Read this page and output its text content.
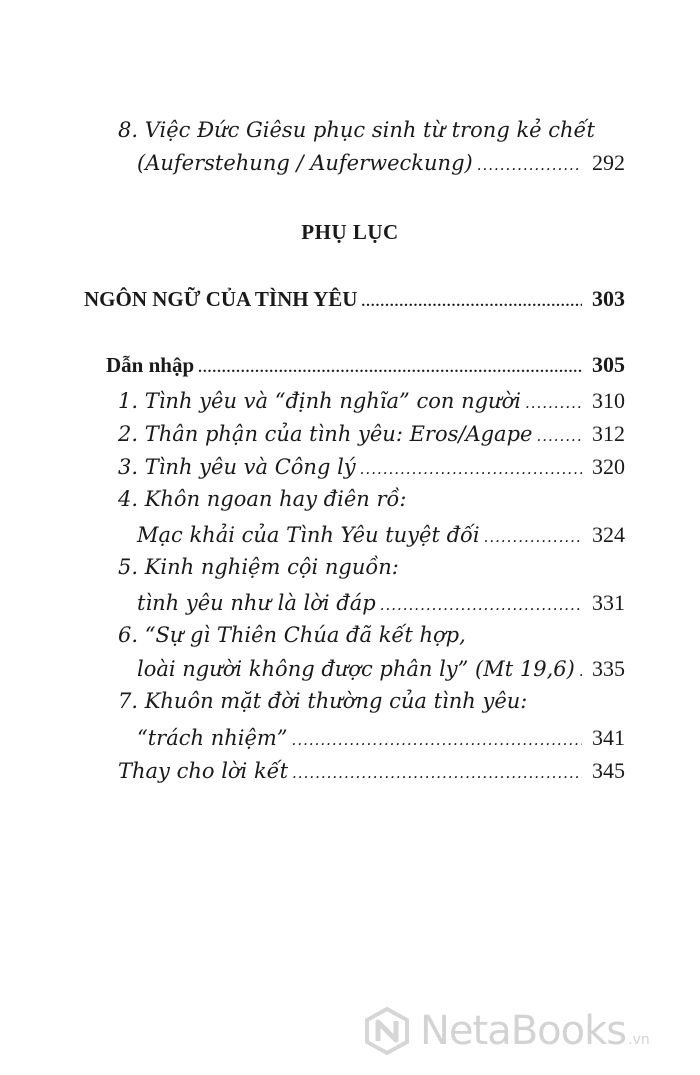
8. Việc Đức Giêsu phục sinh từ trong kẻ chết
(Auferstehung / Auferweckung) .....	292
PHỤ LỤC
NGÔN NGỮ CỦA TÌNH YÊU .....	303
Dẫn nhập .....	305
1. Tình yêu và “định nghĩa” con người .....	310
2. Thân phận của tình yêu: Eros/Agape .....	312
3. Tình yêu và Công lý .....	320
4. Khôn ngoan hay điên rồ:
Mạc khải của Tình Yêu tuyệt đối .....	324
5. Kinh nghiệm cội nguồn:
tình yêu như là lời đáp .....	331
6. “Sự gì Thiên Chúa đã kết hợp,
loài người không được phân ly” (Mt 19,6) ..... 335
7. Khuôn mặt đời thường của tình yêu:
“trách nhiệm” .....	341
Thay cho lời kết .....	345
NetaBooks .vn
